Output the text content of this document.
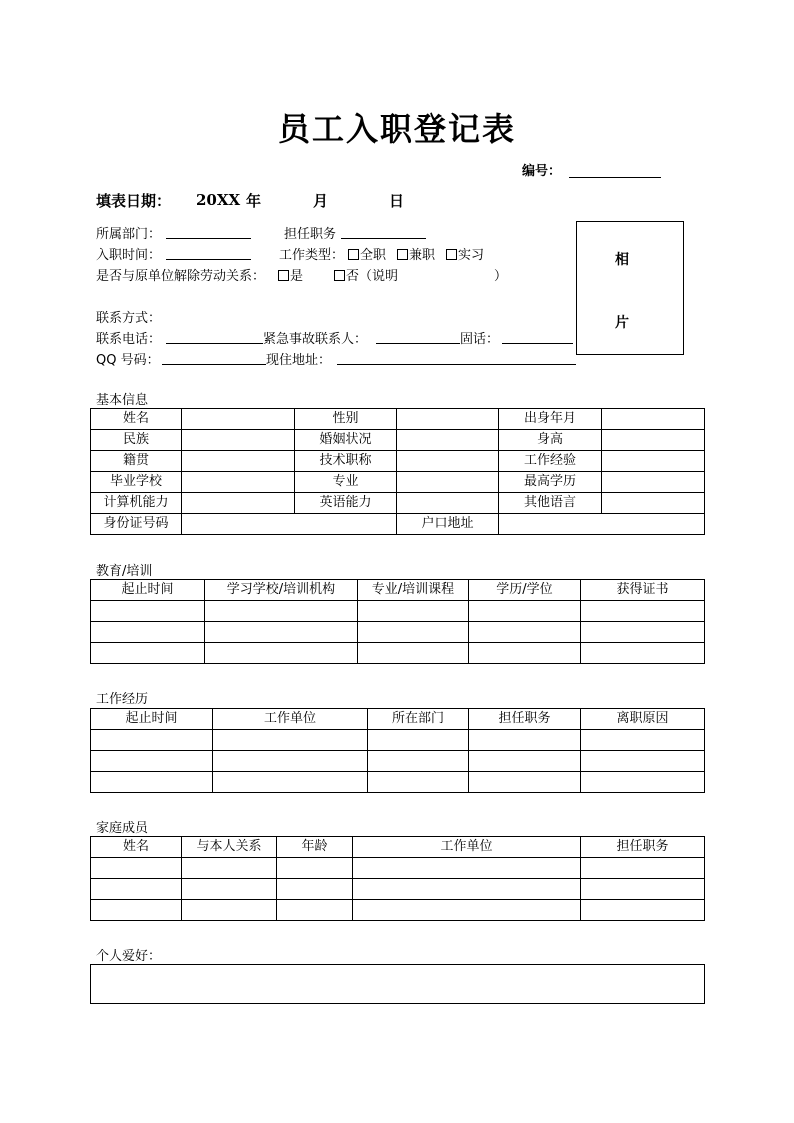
员工入职登记表
编号：
填表日期： 20XX 年	月	日
所属部门：	担任职务
入职时间：	工作类型：	全职	兼职	实习
是否与原单位解除劳动关系：	是	否（说明	）
联系方式：
联系电话：	紧急事故联系人：	固话：
QQ 号码：	现住地址：
相
片
基本信息
姓名		性别		出身年月	
民族		婚姻状况		身高	
籍贯		技术职称		工作经验	
毕业学校		专业		最高学历	
计算机能力		英语能力		其他语言	
身份证号码			户口地址		
教育/培训
起止时间	学习学校/培训机构	专业/培训课程	学历/学位	获得证书

工作经历
起止时间	工作单位	所在部门	担任职务	离职原因

家庭成员
姓名	与本人关系	年龄	工作单位	担任职务

个人爱好：
